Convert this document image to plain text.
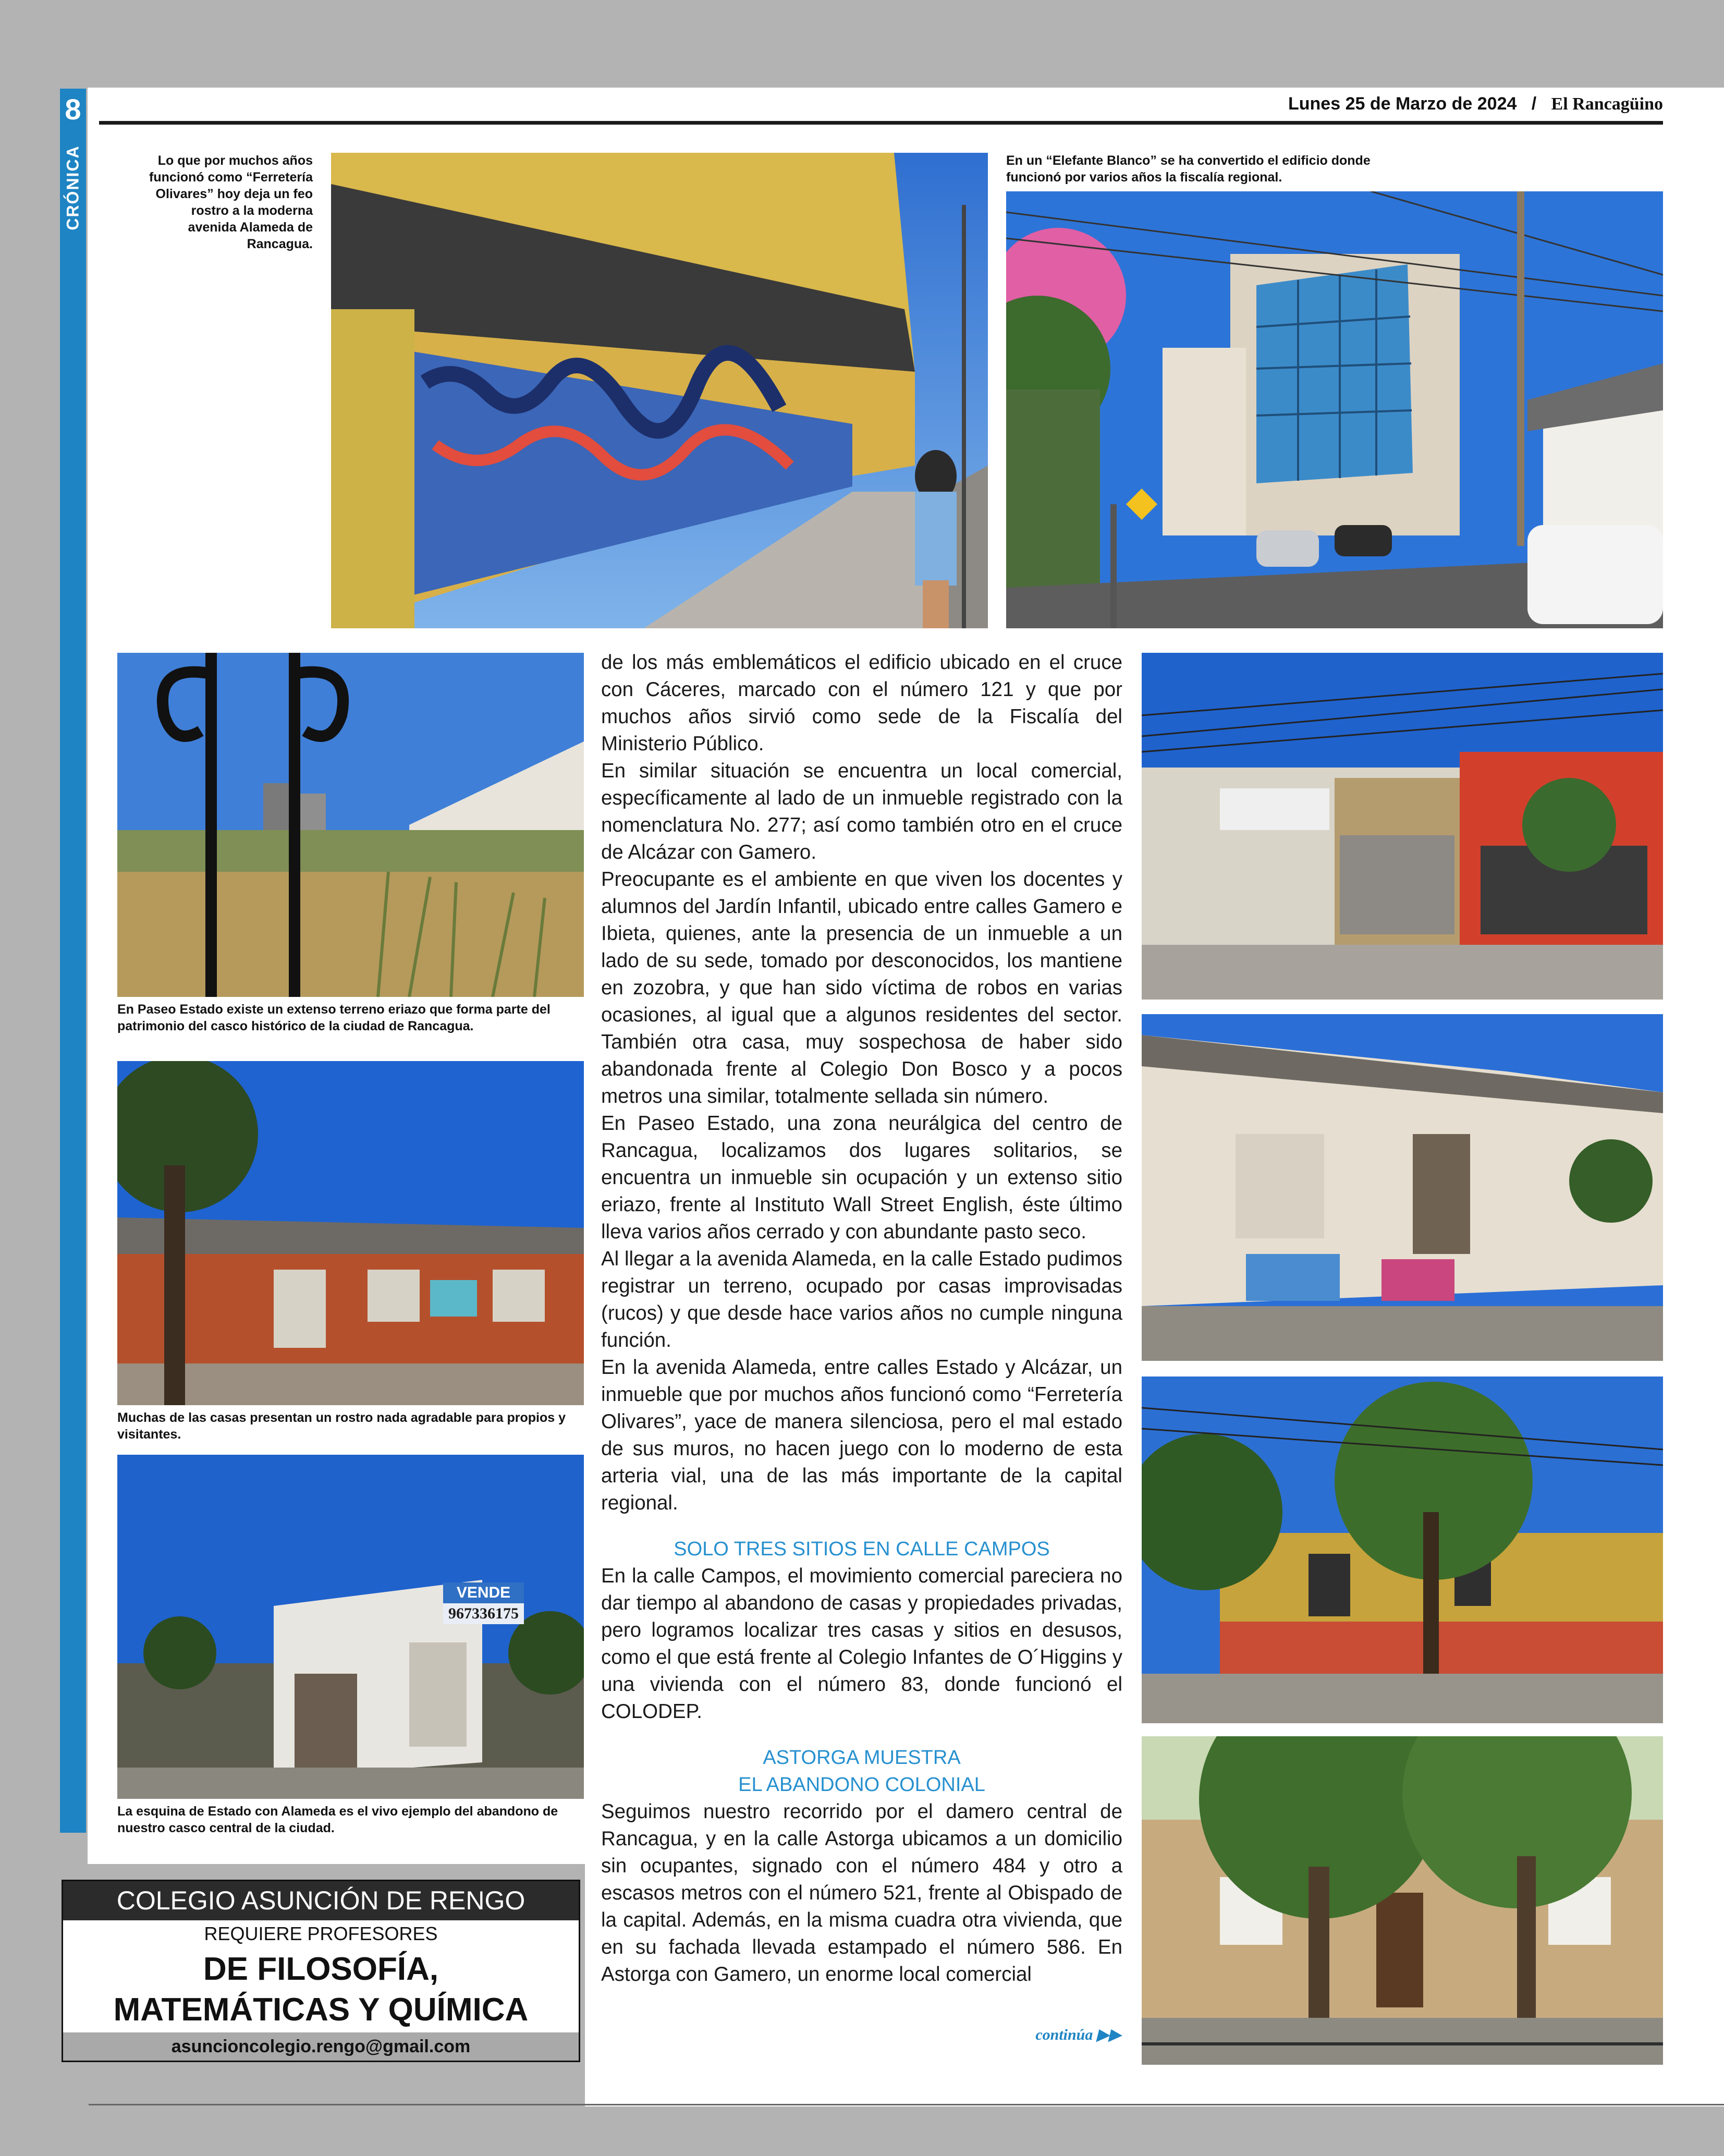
8
CRÓNICA
Lunes 25 de Marzo de 2024 / El Rancagüino
Lo que por muchos años funcionó como “Ferretería Olivares” hoy deja un feo rostro a la moderna avenida Alameda de Rancagua.
En un “Elefante Blanco” se ha convertido el edificio donde funcionó por varios años la fiscalía regional.
En Paseo Estado existe un extenso terreno eriazo que forma parte del patrimonio del casco histórico de la ciudad de Rancagua.
Muchas de las casas presentan un rostro nada agradable para propios y visitantes.
VENDE
967336175
La esquina de Estado con Alameda es el vivo ejemplo del abandono de nuestro casco central de la ciudad.

de los más emblemáticos el edificio ubicado en el cruce con Cáceres, marcado con el número 121 y que por muchos años sirvió como sede de la Fiscalía del Ministerio Público.

En similar situación se encuentra un local comercial, específicamente al lado de un inmueble registrado con la nomenclatura No. 277; así como también otro en el cruce de Alcázar con Gamero.

Preocupante es el ambiente en que viven los docentes y alumnos del Jardín Infantil, ubicado entre calles Gamero e Ibieta, quienes, ante la presencia de un inmueble a un lado de su sede, tomado por desconocidos, los mantiene en zozobra, y que han sido víctima de robos en varias ocasiones, al igual que a algunos residentes del sector. También otra casa, muy sospechosa de haber sido abandonada frente al Colegio Don Bosco y a pocos metros una similar, totalmente sellada sin número.

En Paseo Estado, una zona neurálgica del centro de Rancagua, localizamos dos lugares solitarios, se encuentra un inmueble sin ocupación y un extenso sitio eriazo, frente al Instituto Wall Street English, éste último lleva varios años cerrado y con abundante pasto seco.

Al llegar a la avenida Alameda, en la calle Estado pudimos registrar un terreno, ocupado por casas improvisadas (rucos) y que desde hace varios años no cumple ninguna función.

En la avenida Alameda, entre calles Estado y Alcázar, un inmueble que por muchos años funcionó como “Ferretería Olivares”, yace de manera silenciosa, pero el mal estado de sus muros, no hacen juego con lo moderno de esta arteria vial, una de las más importante de la capital regional.

SOLO TRES SITIOS EN CALLE CAMPOS

En la calle Campos, el movimiento comercial pareciera no dar tiempo al abandono de casas y propiedades privadas, pero logramos localizar tres casas y sitios en desusos, como el que está frente al Colegio Infantes de O´Higgins y una vivienda con el número 83, donde funcionó el COLODEP.

ASTORGA MUESTRA
EL ABANDONO COLONIAL

Seguimos nuestro recorrido por el damero central de Rancagua, y en la calle Astorga ubicamos a un domicilio sin ocupantes, signado con el número 484 y otro a escasos metros con el número 521, frente al Obispado de la capital. Además, en la misma cuadra otra vivienda, que en su fachada llevada estampado el número 586. En Astorga con Gamero, un enorme local comercial

continúa ▶▶
COLEGIO ASUNCIÓN DE RENGO
REQUIERE PROFESORES
DE FILOSOFÍA,
MATEMÁTICAS Y QUÍMICA
asuncioncolegio.rengo@gmail.com
